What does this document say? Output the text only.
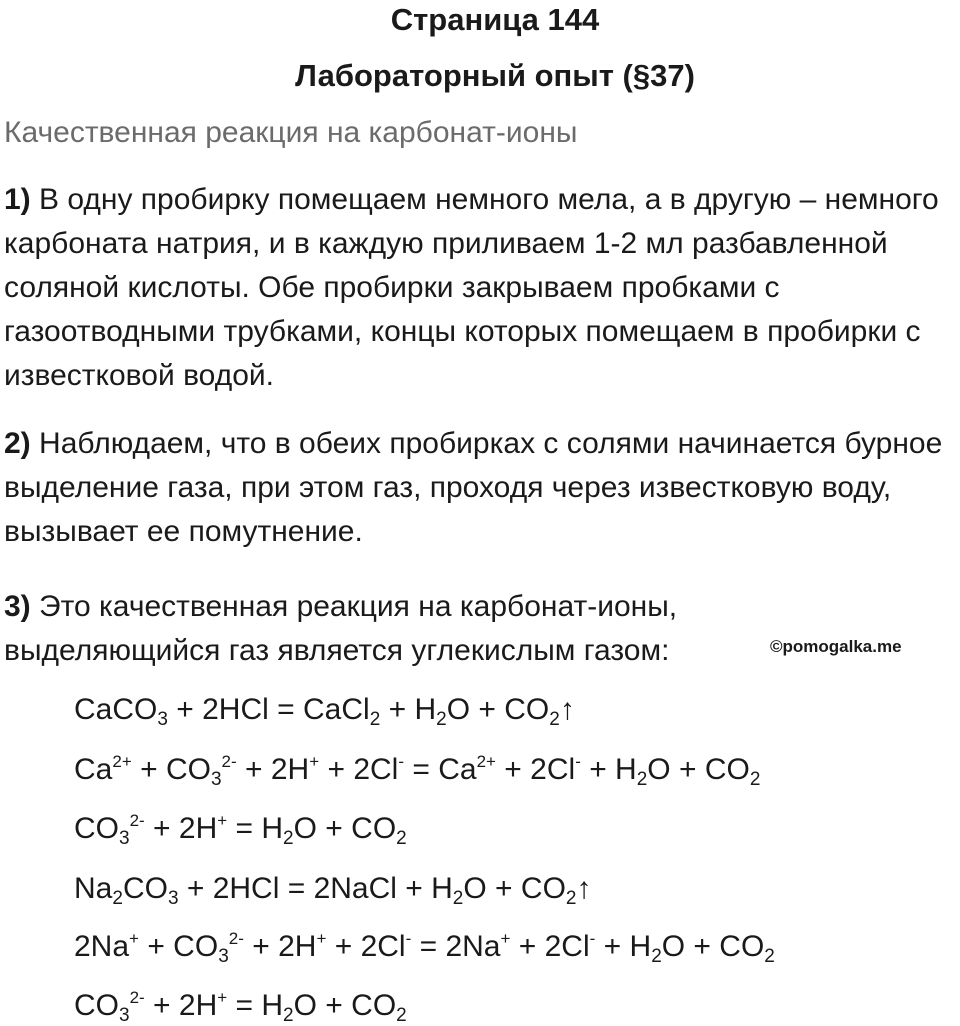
Страница 144
Лабораторный опыт (§37)
Качественная реакция на карбонат-ионы

1) В одну пробирку помещаем немного мела, а в другую – немного карбоната натрия, и в каждую приливаем 1-2 мл разбавленной соляной кислоты. Обе пробирки закрываем пробками с газоотводными трубками, концы которых помещаем в пробирки с известковой водой.

2) Наблюдаем, что в обеих пробирках с солями начинается бурное выделение газа, при этом газ, проходя через известковую воду, вызывает ее помутнение.

3) Это качественная реакция на карбонат-ионы, выделяющийся газ является углекислым газом:	©pomogalka.me
CaCO$_3$ + 2HCl = CaCl$_2$ + $H_2O$ + $CO_2↑$
$Ca^{2+} + CO_3^{2-} + 2H^+ + 2Cl^- = Ca^{2+} + 2Cl^- + H_2O + CO_2$
$CO_3^{2-} + 2H^+ = H_2O + CO_2$
$Na_2CO_3 + 2HCl$ = 2NaCl + $H_2O$ + $CO_2↑$
$2Na^+ + CO_3^{2-} + 2H^+ + 2Cl^- = 2Na^+ + 2Cl^- + H_2O + CO_2$
$CO_3^{2-} + 2H^+ = H_2O + CO_2$
